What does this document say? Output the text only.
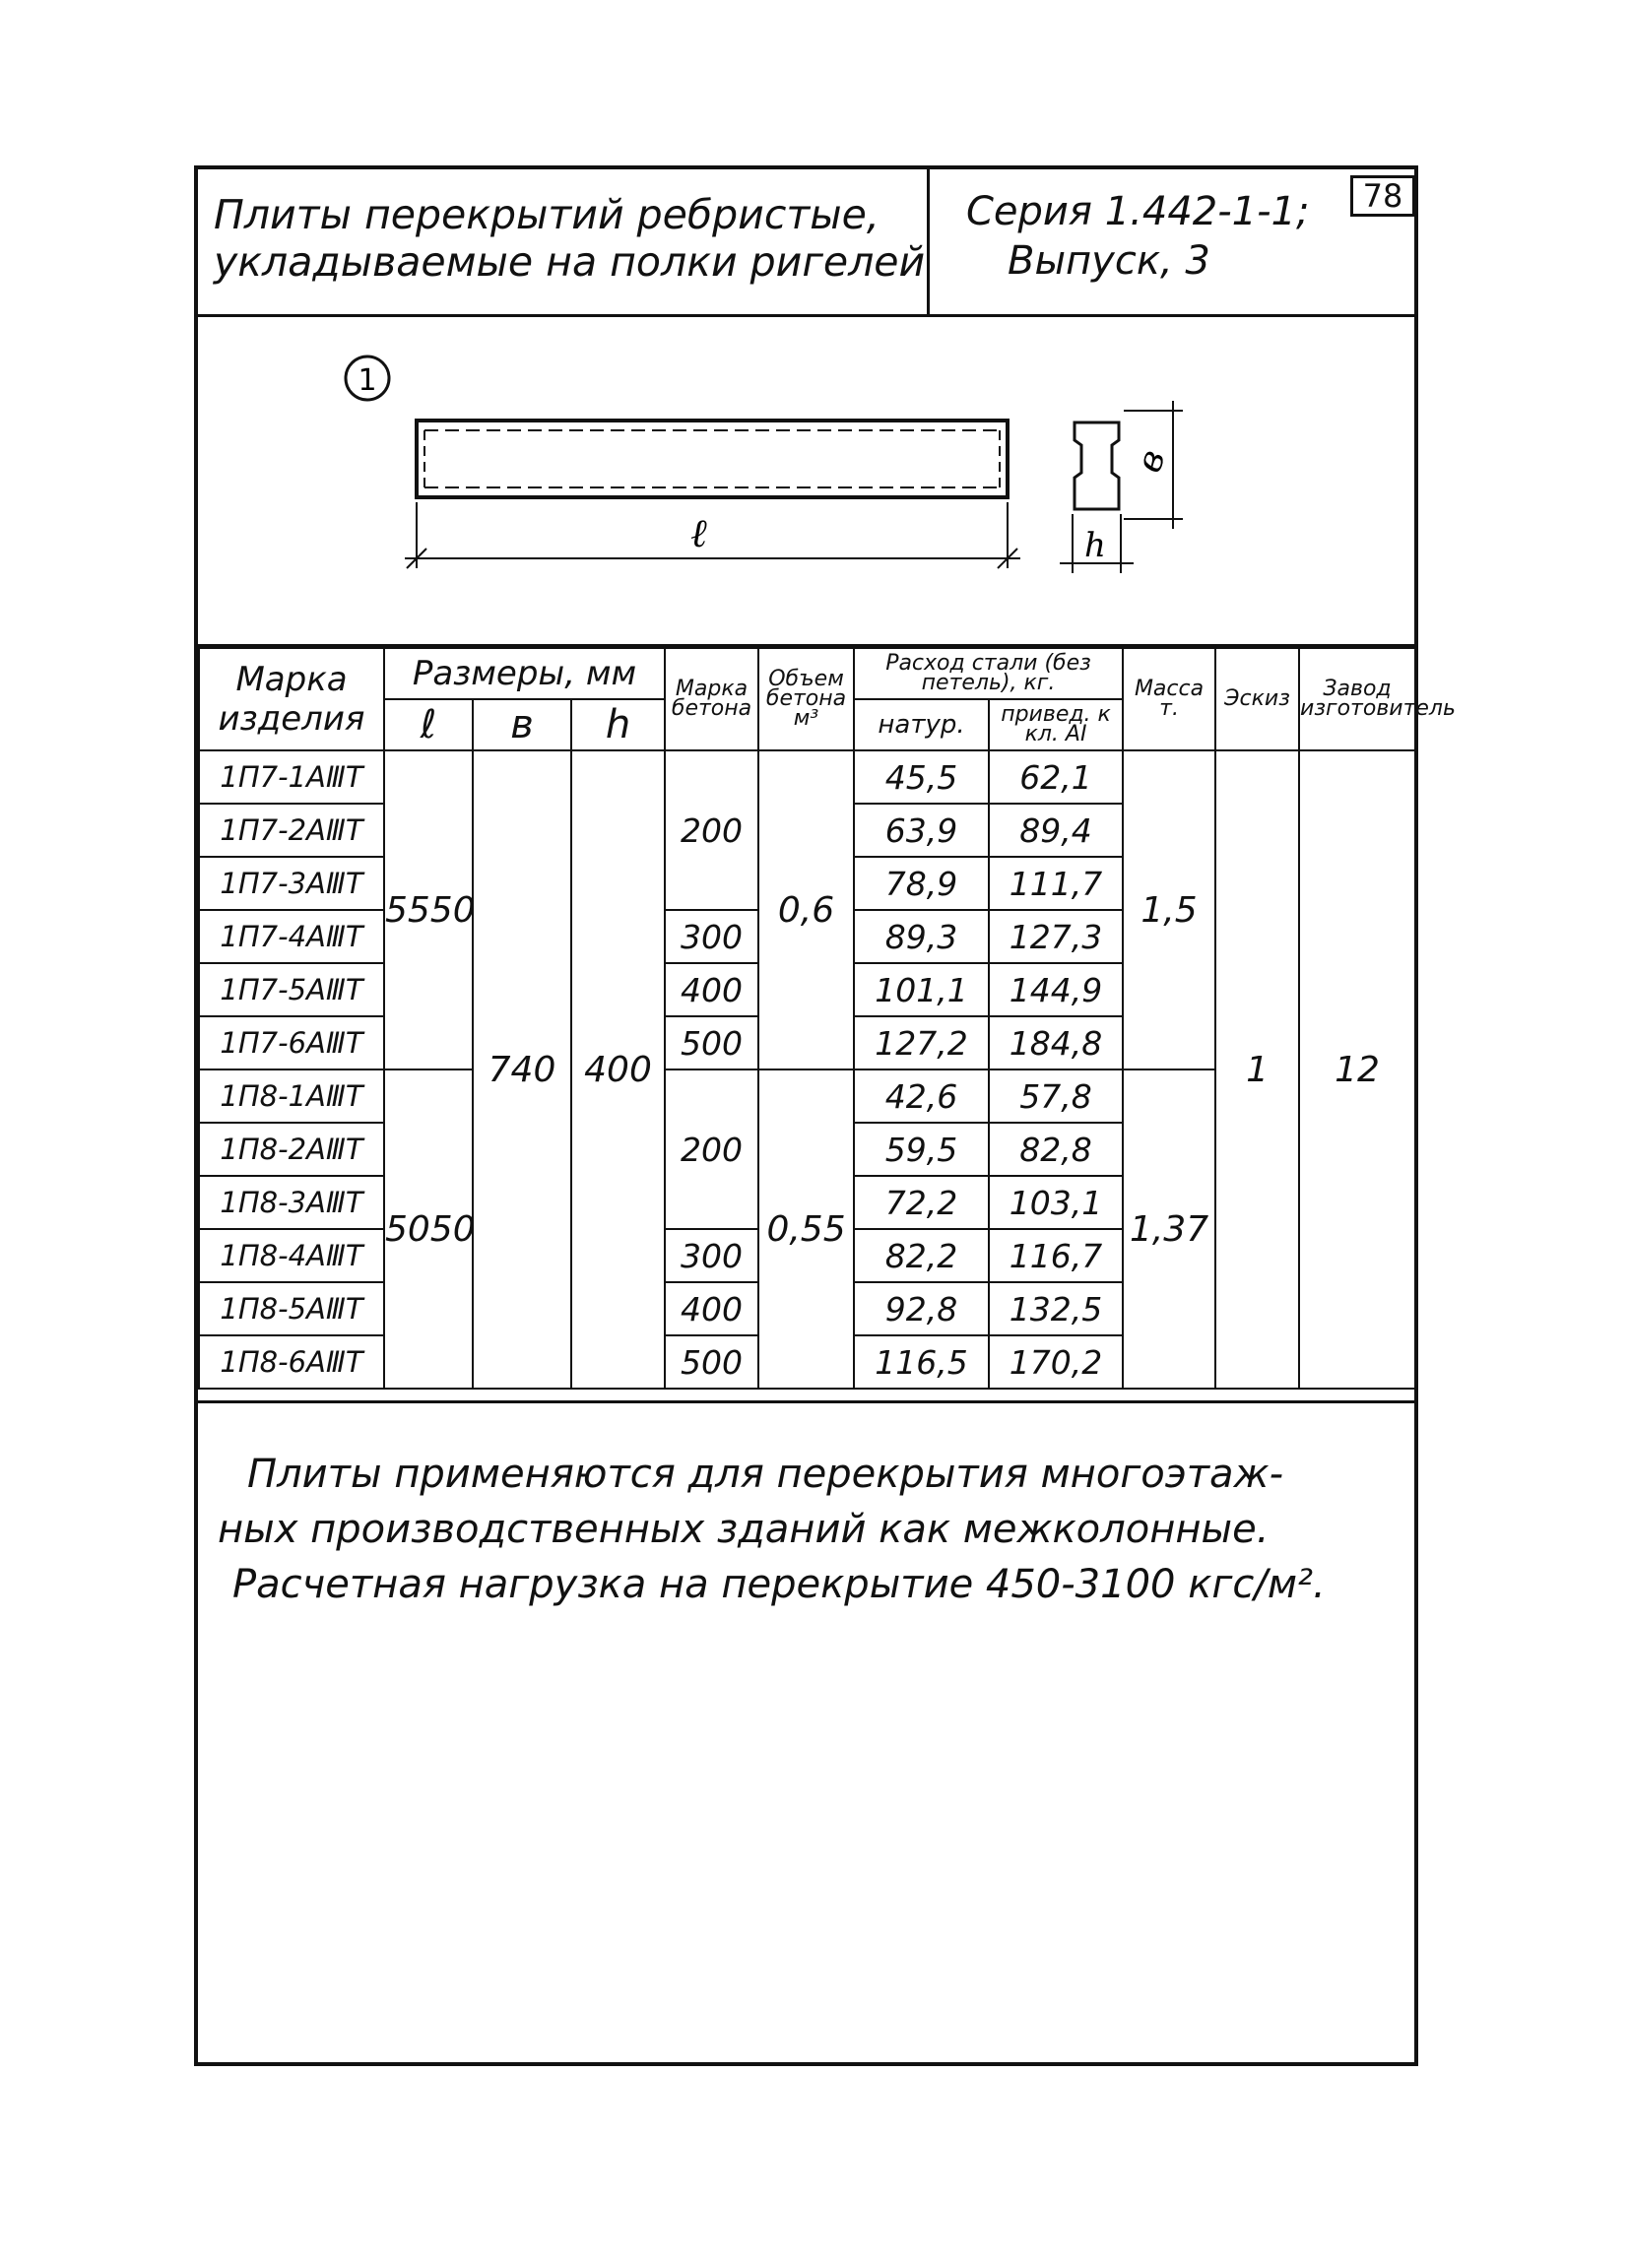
Плиты перекрытий ребристые,
укладываемые на полки ригелей
Серия 1.442-1-1;
Выпуск, 3
78
1
ℓ
в
h
Марка изделия	Размеры, мм			Марка бетона	Объем бетона м³	Расход стали (без петель), кг.		Масса т.	Эскиз	Завод изготовитель
	ℓ	в	h			натур.	привед. к кл. АI			
1П7-1АⅢТ	5550	740	400	200	0,6	45,5	62,1	1,5	1	12
1П7-2АⅢТ						63,9	89,4			
1П7-3АⅢТ						78,9	111,7			
1П7-4АⅢТ				300		89,3	127,3			
1П7-5АⅢТ				400		101,1	144,9			
1П7-6АⅢТ				500		127,2	184,8			
1П8-1АⅢТ	5050			200	0,55	42,6	57,8	1,37		
1П8-2АⅢТ						59,5	82,8			
1П8-3АⅢТ						72,2	103,1			
1П8-4АⅢТ				300		82,2	116,7			
1П8-5АⅢТ				400		92,8	132,5			
1П8-6АⅢТ				500		116,5	170,2			
Плиты применяются для перекрытия многоэтаж-
ных производственных зданий как межколонные.
Расчетная нагрузка на перекрытие 450-3100 кгс/м².
